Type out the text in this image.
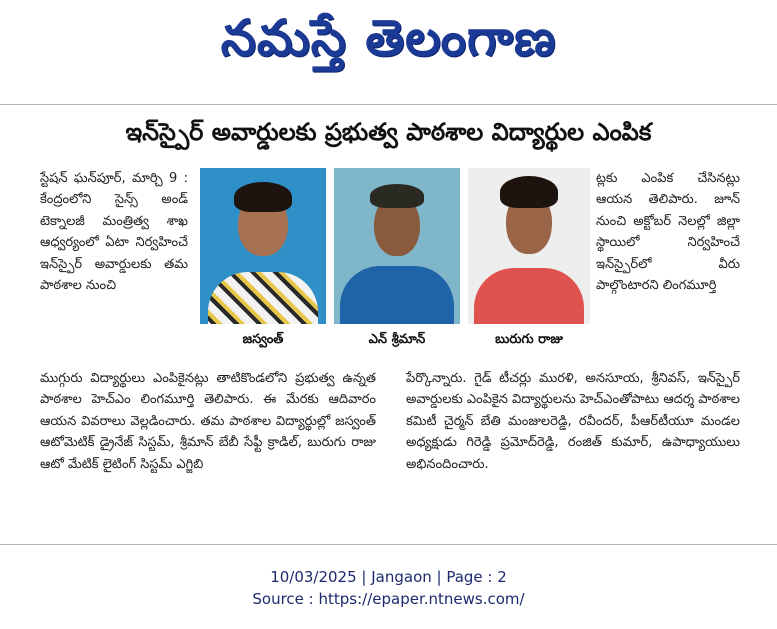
నమస్తే తెలంగాణ
ఇన్‌స్పైర్ అవార్డులకు ప్రభుత్వ పాఠశాల విద్యార్థుల ఎంపిక
స్టేషన్ ఘన్‌పూర్, మార్చి 9 : కేంద్రంలోని సైన్స్ అండ్ టెక్నాలజీ మంత్రిత్వ శాఖ ఆధ్వర్యంలో ఏటా నిర్వహించే ఇన్‌స్పైర్ అవార్డులకు తమ పాఠశాల నుంచి
జస్వంత్	ఎన్ శ్రీమాన్	బురుగు రాజు
ట్లకు ఎంపిక చేసినట్లు ఆయన తెలిపారు. జూన్ నుంచి అక్టోబర్ నెలల్లో జిల్లా స్థాయిలో నిర్వహించే ఇన్‌స్పైర్‌లో వీరు పాల్గొంటారని లింగమూర్తి
ముగ్గురు విద్యార్థులు ఎంపికైనట్లు తాటికొండలోని ప్రభుత్వ ఉన్నత పాఠశాల హెచ్‌ఎం లింగమూర్తి తెలిపారు. ఈ మేరకు ఆదివారం ఆయన వివరాలు వెల్లడించారు. తమ పాఠశాల విద్యార్థుల్లో జస్వంత్ ఆటోమెటిక్ డ్రైనేజ్ సిస్టమ్, శ్రీమాన్ బేబీ సేఫ్టీ క్రాడిల్, బురుగు రాజు ఆటో మేటిక్ లైటింగ్ సిస్టమ్ ఎగ్జిబి
పేర్కొన్నారు. గైడ్ టీచర్లు మురళి, అనసూయ, శ్రీనివస్, ఇన్‌స్పైర్ అవార్డులకు ఎంపికైన విద్యార్థులను హెచ్‌ఎంతోపాటు ఆదర్శ పాఠశాల కమిటీ చైర్మన్ బేతి మంజులరెడ్డి, రవీందర్, పీఆర్‌టీయూ మండల అధ్యక్షుడు గిరెడ్డి ప్రమోద్‌రెడ్డి, రంజిత్ కుమార్, ఉపాధ్యాయులు అభినందించారు.
10/03/2025 | Jangaon | Page : 2
Source : https://epaper.ntnews.com/
